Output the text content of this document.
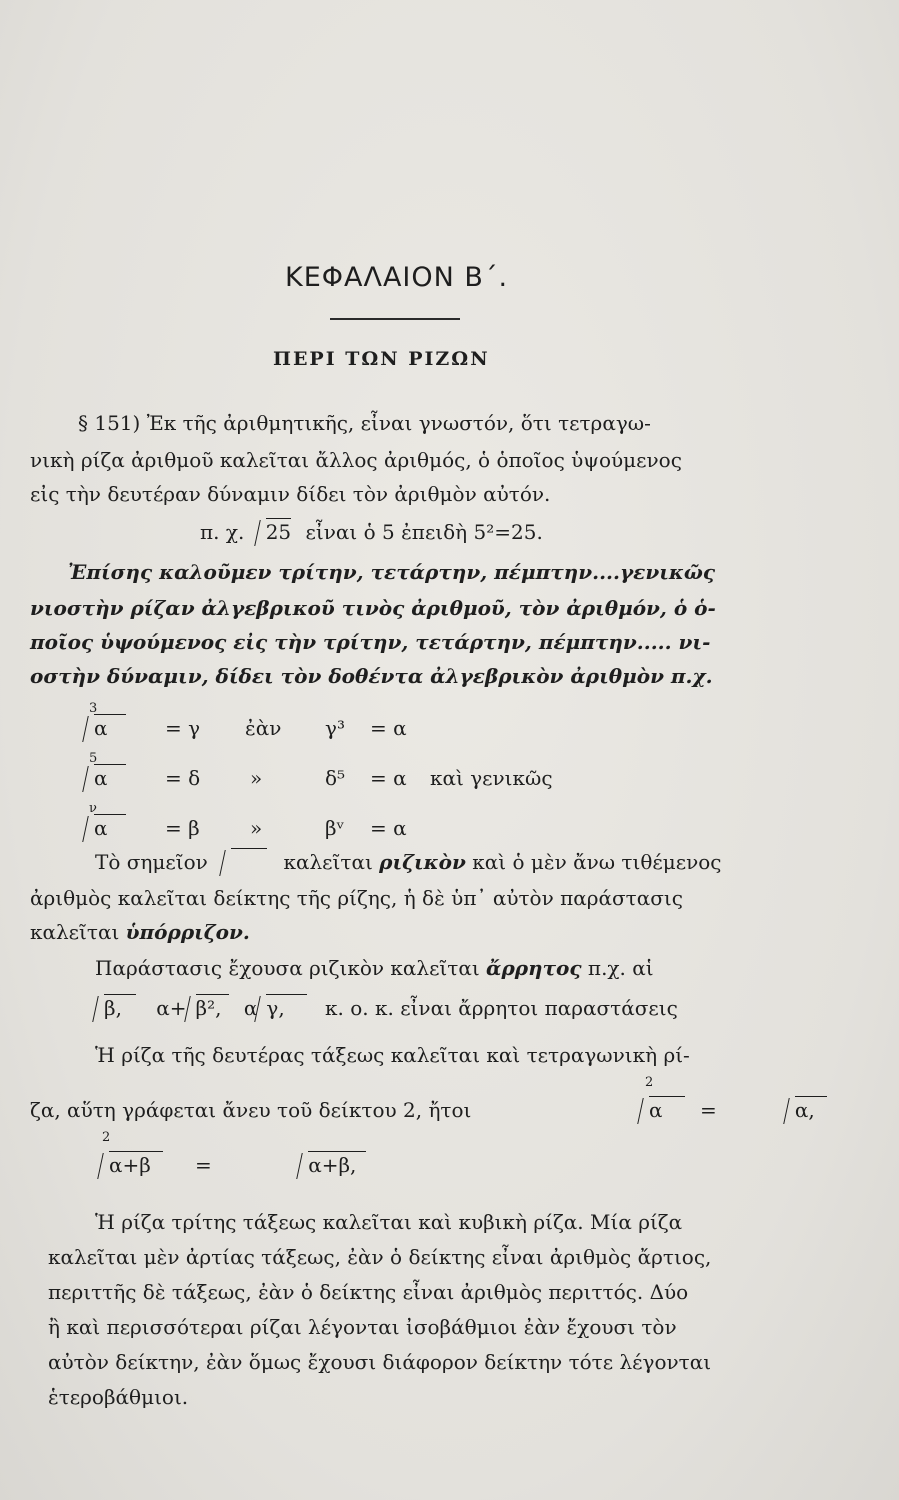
ΚΕΦΑΛΑΙΟΝ Β΄.
ΠΕΡΙ ΤΩΝ ΡΙΖΩΝ
§ 151) Ἐκ τῆς ἀριθμητικῆς, εἶναι γνωστόν, ὅτι τετραγω-
νικὴ ρίζα ἀριθμοῦ καλεῖται ἄλλος ἀριθμός, ὁ ὁποῖος ὑψούμενος
εἰς τὴν δευτέραν δύναμιν δίδει τὸν ἀριθμὸν αὐτόν.
π. χ. 25 εἶναι ὁ 5 ἐπειδὴ 5²=25.
Ἐπίσης καλοῦμεν τρίτην, τετάρτην, πέμπτην....γενικῶς
νιοστὴν ρίζαν ἀλγεβρικοῦ τινὸς ἀριθμοῦ, τὸν ἀριθμόν, ὁ ὁ-
ποῖος ὑψούμενος εἰς τὴν τρίτην, τετάρτην, πέμπτην..... νι-
οστὴν δύναμιν, δίδει τὸν δοθέντα ἀλγεβρικὸν ἀριθμὸν π.χ.
3
α	= γ ἐὰν γ³ = α
5
α	= δ »	δ⁵ = α καὶ γενικῶς
ν
α	= β	»	βᵛ = α
Τὸ σημεῖον	καλεῖται ριζικὸν καὶ ὁ μὲν ἄνω τιθέμενος
ἀριθμὸς καλεῖται δείκτης τῆς ρίζης, ἡ δὲ ὑπ᾽ αὐτὸν παράστασις
καλεῖται ὑπόρριζον.
Παράστασις ἔχουσα ριζικὸν καλεῖται ἄρρητος π.χ. αἱ
β, α+ β², α γ, κ. ο. κ. εἶναι ἄρρητοι παραστάσεις
Ἡ ρίζα τῆς δευτέρας τάξεως καλεῖται καὶ τετραγωνικὴ ρί-
ζα, αὕτη γράφεται ἄνευ τοῦ δείκτου 2, ἤτοι
2
α =	α,
2
α+β =	α+β,
Ἡ ρίζα τρίτης τάξεως καλεῖται καὶ κυβικὴ ρίζα. Μία ρίζα
καλεῖται μὲν ἀρτίας τάξεως, ἐὰν ὁ δείκτης εἶναι ἀριθμὸς ἄρτιος,
περιττῆς δὲ τάξεως, ἐὰν ὁ δείκτης εἶναι ἀριθμὸς περιττός. Δύο
ἢ καὶ περισσότεραι ρίζαι λέγονται ἰσοβάθμιοι ἐὰν ἔχουσι τὸν
αὐτὸν δείκτην, ἐὰν ὅμως ἔχουσι διάφορον δείκτην τότε λέγονται
ἑτεροβάθμιοι.
